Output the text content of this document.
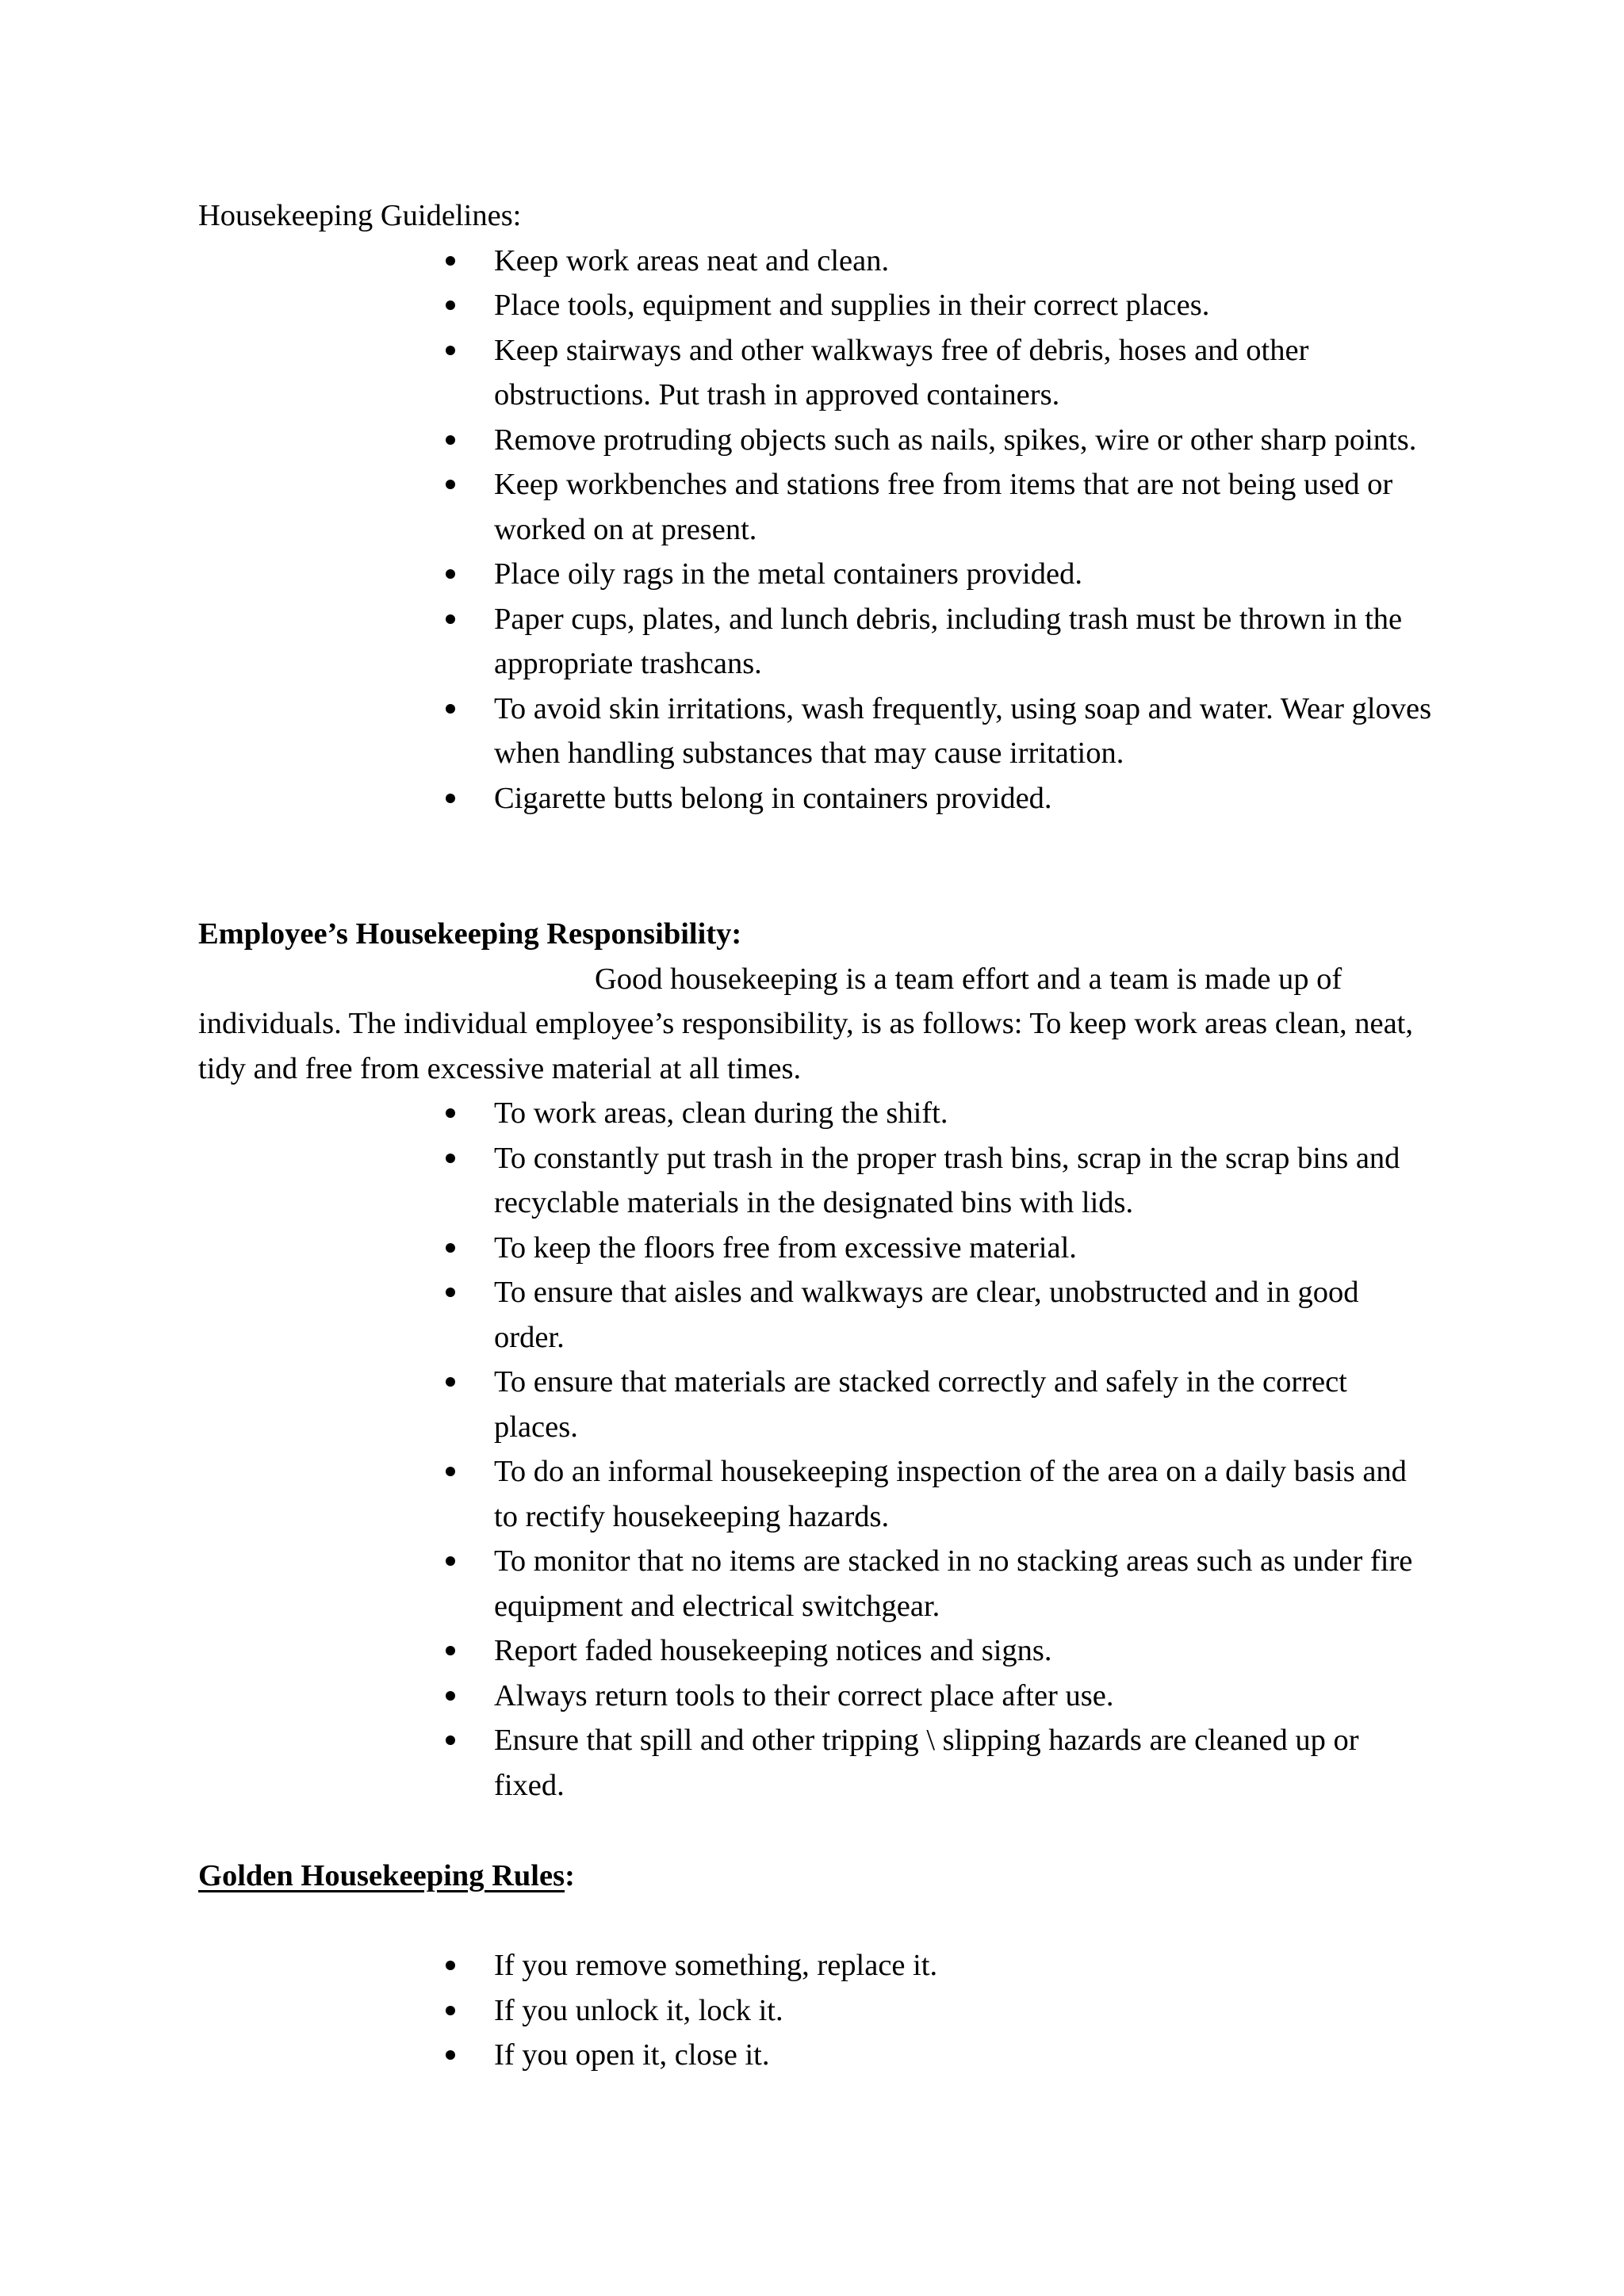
Housekeeping Guidelines:

Keep work areas neat and clean.
Place tools, equipment and supplies in their correct places.
Keep stairways and other walkways free of debris, hoses and other obstructions. Put trash in approved containers.
Remove protruding objects such as nails, spikes, wire or other sharp points.
Keep workbenches and stations free from items that are not being used or worked on at present.
Place oily rags in the metal containers provided.
Paper cups, plates, and lunch debris, including trash must be thrown in the appropriate trashcans.
To avoid skin irritations, wash frequently, using soap and water. Wear gloves when handling substances that may cause irritation.
Cigarette butts belong in containers provided.

Employee’s Housekeeping Responsibility:

Good housekeeping is a team effort and a team is made up of individuals. The individual employee’s responsibility, is as follows: To keep work areas clean, neat, tidy and free from excessive material at all times.

To work areas, clean during the shift.
To constantly put trash in the proper trash bins, scrap in the scrap bins and recyclable materials in the designated bins with lids.
To keep the floors free from excessive material.
To ensure that aisles and walkways are clear, unobstructed and in good order.
To ensure that materials are stacked correctly and safely in the correct places.
To do an informal housekeeping inspection of the area on a daily basis and to rectify housekeeping hazards.
To monitor that no items are stacked in no stacking areas such as under fire equipment and electrical switchgear.
Report faded housekeeping notices and signs.
Always return tools to their correct place after use.
Ensure that spill and other tripping \ slipping hazards are cleaned up or fixed.

Golden Housekeeping Rules:

If you remove something, replace it.
If you unlock it, lock it.
If you open it, close it.
